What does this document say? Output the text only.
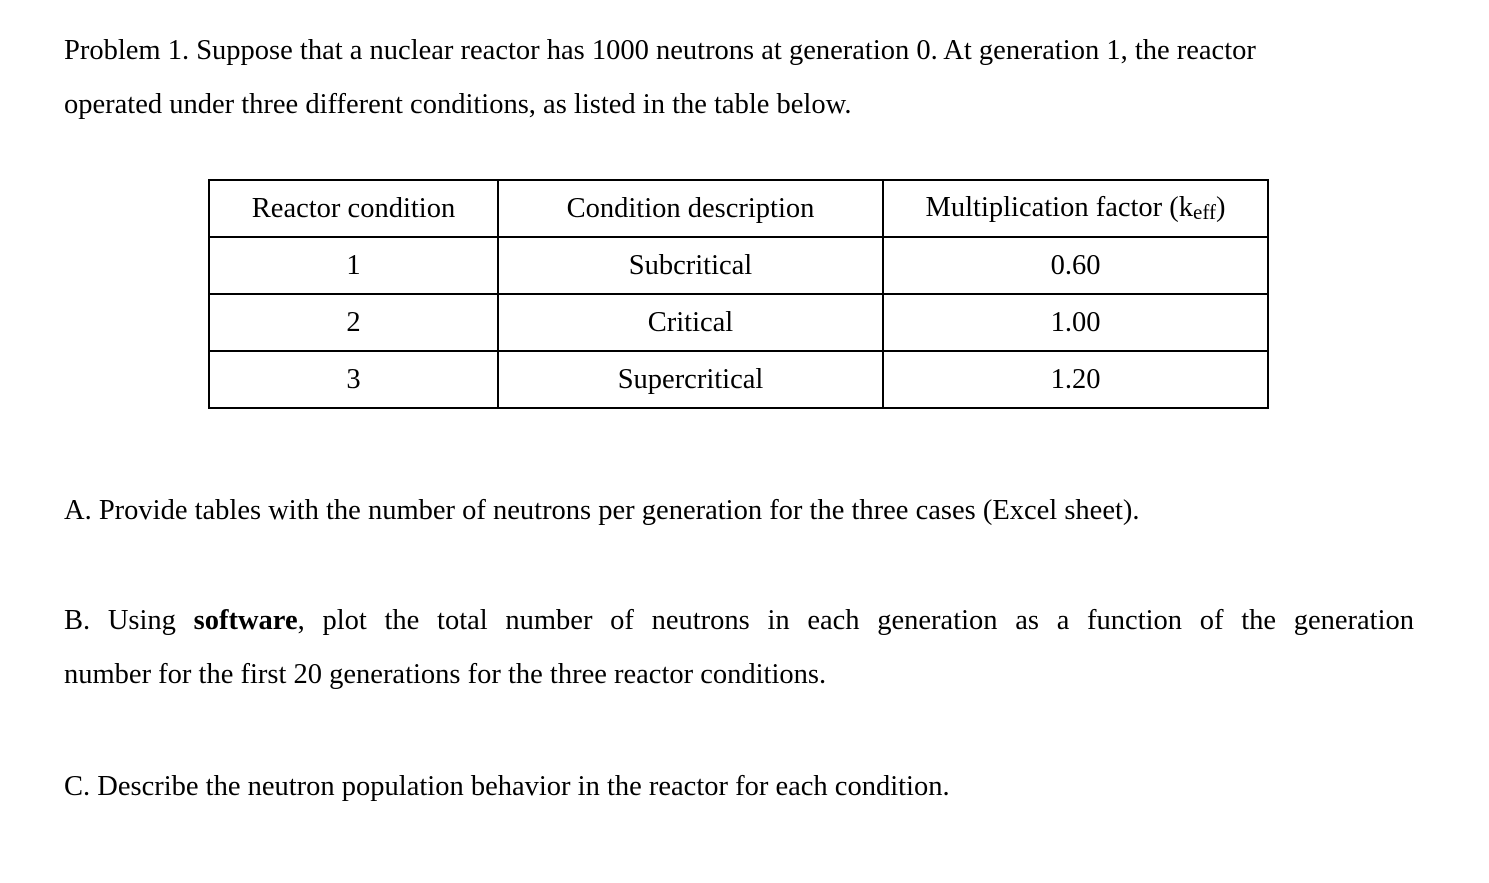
Problem 1. Suppose that a nuclear reactor has 1000 neutrons at generation 0. At generation 1, the reactor
operated under three different conditions, as listed in the table below.
Reactor condition	Condition description	Multiplication factor (keff)
1	Subcritical	0.60
2	Critical	1.00
3	Supercritical	1.20
A. Provide tables with the number of neutrons per generation for the three cases (Excel sheet).
B. Using software, plot the total number of neutrons in each generation as a function of the generation
number for the first 20 generations for the three reactor conditions.
C. Describe the neutron population behavior in the reactor for each condition.
